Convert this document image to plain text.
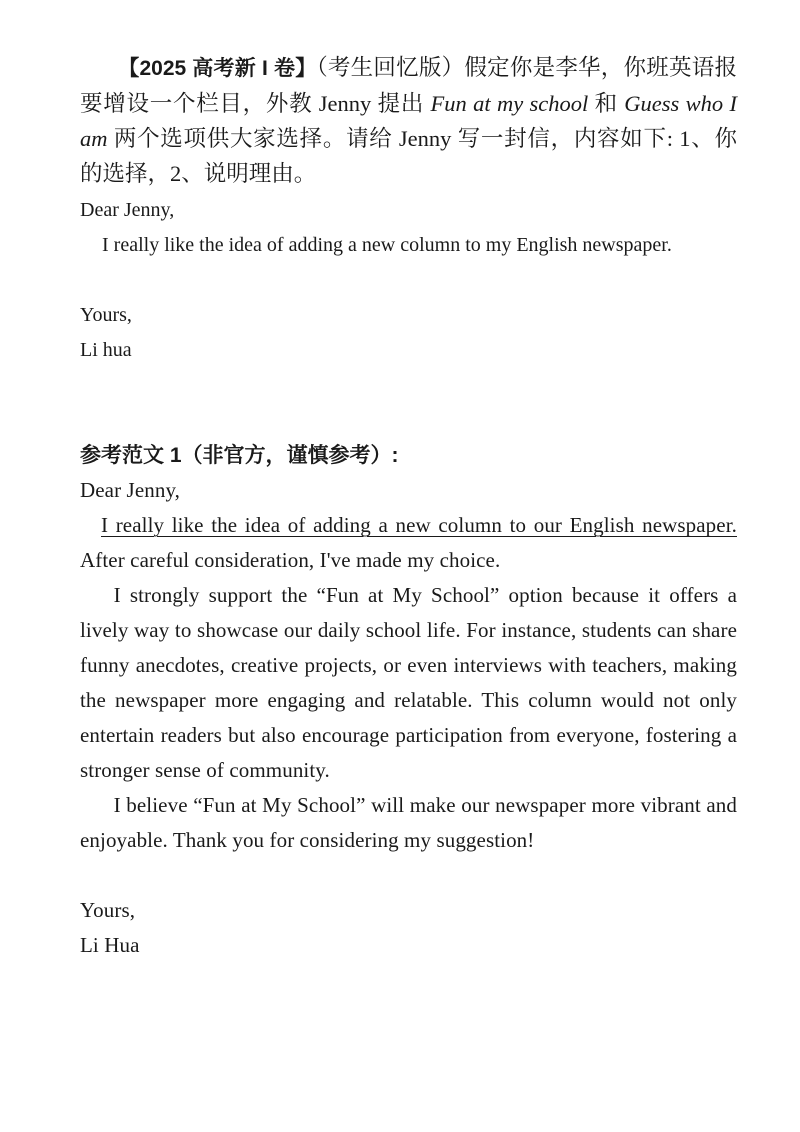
【2025 高考新 I 卷】（考生回忆版）假定你是李华，你班英语报要增设一个栏目，外教 Jenny 提出 Fun at my school 和 Guess who I am 两个选项供大家选择。请给 Jenny 写一封信，内容如下: 1、你的选择，2、说明理由。
Dear Jenny,
I really like the idea of adding a new column to my English newspaper.
Yours,
Li hua
参考范文 1（非官方，谨慎参考）:
Dear Jenny,
I really like the idea of adding a new column to our English newspaper. After careful consideration, I've made my choice.
I strongly support the “Fun at My School” option because it offers a lively way to showcase our daily school life. For instance, students can share funny anecdotes, creative projects, or even interviews with teachers, making the newspaper more engaging and relatable. This column would not only entertain readers but also encourage participation from everyone, fostering a stronger sense of community.
I believe “Fun at My School” will make our newspaper more vibrant and enjoyable. Thank you for considering my suggestion!
Yours,
Li Hua
